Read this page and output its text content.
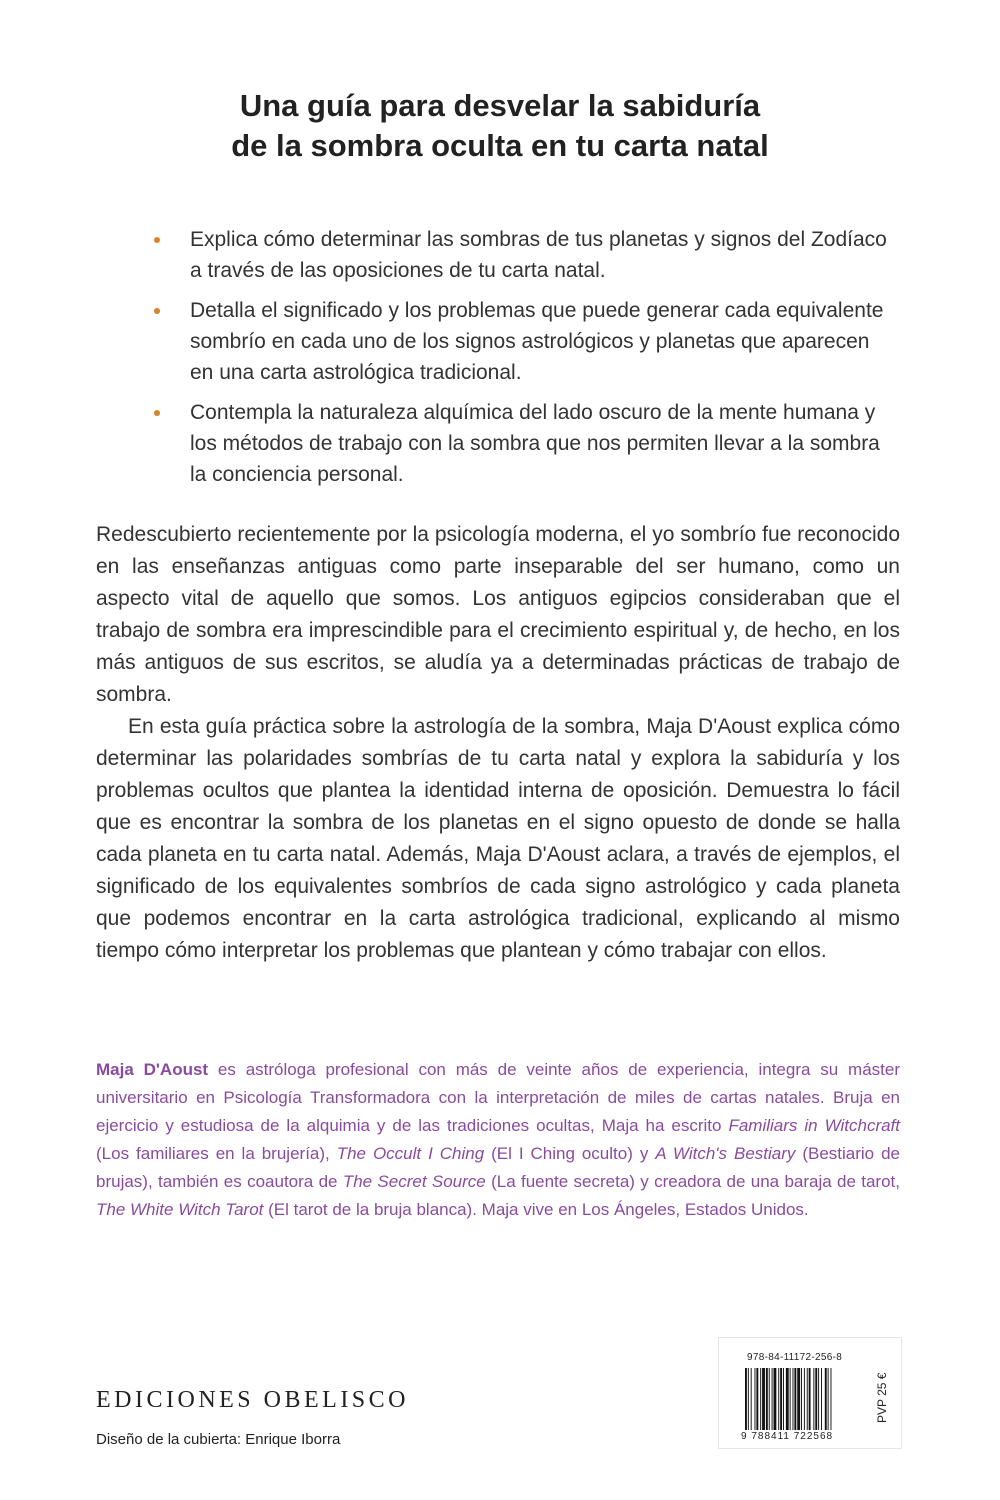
Una guía para desvelar la sabiduría
de la sombra oculta en tu carta natal
Explica cómo determinar las sombras de tus planetas y signos del Zodíaco a través de las oposiciones de tu carta natal.
Detalla el significado y los problemas que puede generar cada equivalente sombrío en cada uno de los signos astrológicos y planetas que aparecen en una carta astrológica tradicional.
Contempla la naturaleza alquímica del lado oscuro de la mente humana y los métodos de trabajo con la sombra que nos permiten llevar a la sombra la conciencia personal.

Redescubierto recientemente por la psicología moderna, el yo sombrío fue reconocido en las enseñanzas antiguas como parte inseparable del ser humano, como un aspecto vital de aquello que somos. Los antiguos egipcios consideraban que el trabajo de sombra era imprescindible para el crecimiento espiritual y, de hecho, en los más antiguos de sus escritos, se aludía ya a determinadas prácticas de trabajo de sombra.

En esta guía práctica sobre la astrología de la sombra, Maja D'Aoust explica cómo determinar las polaridades sombrías de tu carta natal y explora la sabiduría y los problemas ocultos que plantea la identidad interna de oposición. Demuestra lo fácil que es encontrar la sombra de los planetas en el signo opuesto de donde se halla cada planeta en tu carta natal. Además, Maja D'Aoust aclara, a través de ejemplos, el significado de los equivalentes sombríos de cada signo astrológico y cada planeta que podemos encontrar en la carta astrológica tradicional, explicando al mismo tiempo cómo interpretar los problemas que plantean y cómo trabajar con ellos.

Maja D'Aoust es astróloga profesional con más de veinte años de experiencia, integra su máster universitario en Psicología Transformadora con la interpretación de miles de cartas natales. Bruja en ejercicio y estudiosa de la alquimia y de las tradiciones ocultas, Maja ha escrito Familiars in Witchcraft (Los familiares en la brujería), The Occult I Ching (El I Ching oculto) y A Witch's Bestiary (Bestiario de brujas), también es coautora de The Secret Source (La fuente secreta) y creadora de una baraja de tarot, The White Witch Tarot (El tarot de la bruja blanca). Maja vive en Los Ángeles, Estados Unidos.
EDICIONES OBELISCO
Diseño de la cubierta: Enrique Iborra
978-84-11172-256-8
9 788411 722568
PVP 25 €
